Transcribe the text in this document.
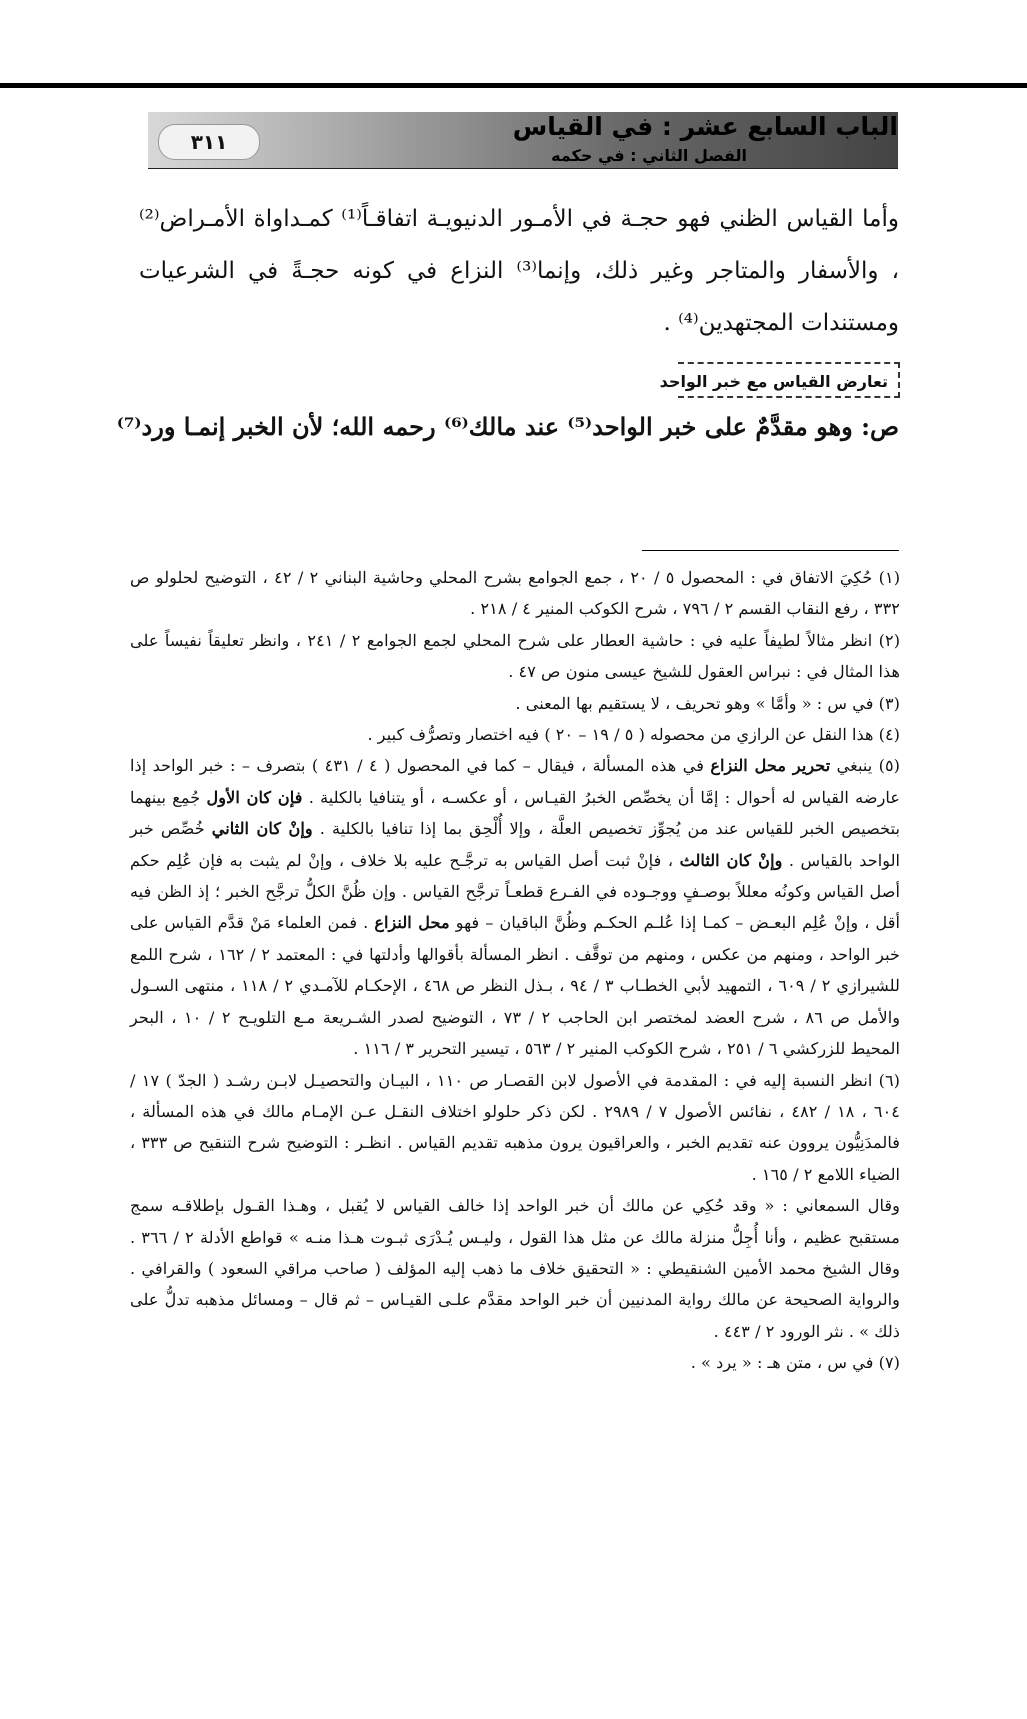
٣١١
الباب السابع عشر : في القياس
الفصل الثاني : في حكمه
وأما القياس الظني فهو حجـة في الأمـور الدنيويـة اتفاقـاً⁽¹⁾ كمـداواة الأمـراض⁽²⁾ ، والأسفار والمتاجر وغير ذلك، وإنما⁽³⁾ النزاع في كونه حجـةً في الشرعيات ومستندات المجتهدين⁽⁴⁾ .
تعارض القياس مع خبر الواحد
ص: وهو مقدَّمٌ على خبر الواحد⁽⁵⁾ عند مالك⁽⁶⁾ رحمه الله؛ لأن الخبر إنمـا ورد⁽⁷⁾

(١) حُكِيَ الاتفاق في : المحصول ٥ / ٢٠ ، جمع الجوامع بشرح المحلي وحاشية البناني ٢ / ٤٢ ، التوضيح لحلولو ص ٣٣٢ ، رفع النقاب القسم ٢ / ٧٩٦ ، شرح الكوكب المنير ٤ / ٢١٨ .

(٢) انظر مثالاً لطيفاً عليه في : حاشية العطار على شرح المحلي لجمع الجوامع ٢ / ٢٤١ ، وانظر تعليقاً نفيساً على هذا المثال في : نبراس العقول للشيخ عيسى منون ص ٤٧ .

(٣) في س : « وأمَّا » وهو تحريف ، لا يستقيم بها المعنى .

(٤) هذا النقل عن الرازي من محصوله ( ٥ / ١٩ – ٢٠ ) فيه اختصار وتصرُّف كبير .

(٥) ينبغي تحرير محل النزاع في هذه المسألة ، فيقال – كما في المحصول ( ٤ / ٤٣١ ) بتصرف – : خبر الواحد إذا عارضه القياس له أحوال : إمَّا أن يخصِّص الخبرُ القيـاس ، أو عكسـه ، أو يتنافيا بالكلية . فإن كان الأول جُمِع بينهما بتخصيص الخبر للقياس عند من يُجوِّز تخصيص العلَّة ، وإلا أُلْحِق بما إذا تنافيا بالكلية . وإنْ كان الثاني خُصِّص خبر الواحد بالقياس . وإنْ كان الثالث ، فإنْ ثبت أصل القياس به ترجَّـح عليه بلا خلاف ، وإنْ لم يثبت به فإن عُلِم حكم أصل القياس وكونُه معللاً بوصـفٍ ووجـوده في الفـرع قطعـاً ترجَّح القياس . وإن ظُنَّ الكلُّ ترجَّح الخبر ؛ إذ الظن فيه أقل ، وإنْ عُلِم البعـض – كمـا إذا عُلـم الحكـم وظُنَّ الباقيان – فهو محل النزاع . فمن العلماء مَنْ قدَّم القياس على خبر الواحد ، ومنهم من عكس ، ومنهم من توقَّف . انظر المسألة بأقوالها وأدلتها في : المعتمد ٢ / ١٦٢ ، شرح اللمع للشيرازي ٢ / ٦٠٩ ، التمهيد لأبي الخطـاب ٣ / ٩٤ ، بـذل النظر ص ٤٦٨ ، الإحكـام للآمـدي ٢ / ١١٨ ، منتهى السـول والأمل ص ٨٦ ، شرح العضد لمختصر ابن الحاجب ٢ / ٧٣ ، التوضيح لصدر الشـريعة مـع التلويـح ٢ / ١٠ ، البحر المحيط للزركشي ٦ / ٢٥١ ، شرح الكوكب المنير ٢ / ٥٦٣ ، تيسير التحرير ٣ / ١١٦ .

(٦) انظر النسبة إليه في : المقدمة في الأصول لابن القصـار ص ١١٠ ، البيـان والتحصيـل لابـن رشـد ( الجدّ ) ١٧ / ٦٠٤ ، ١٨ / ٤٨٢ ، نفائس الأصول ٧ / ٢٩٨٩ . لكن ذكر حلولو اختلاف النقـل عـن الإمـام مالك في هذه المسألة ، فالمدَنِيُّون يروون عنه تقديم الخبر ، والعراقيون يرون مذهبه تقديم القياس . انظـر : التوضيح شرح التنقيح ص ٣٣٣ ، الضياء اللامع ٢ / ١٦٥ .

وقال السمعاني : « وقد حُكِي عن مالك أن خبر الواحد إذا خالف القياس لا يُقبل ، وهـذا القـول بإطلاقـه سمج مستقبح عظيم ، وأنا أُجِلُّ منزلة مالك عن مثل هذا القول ، وليـس يُـدْرَى ثبـوت هـذا منـه » قواطع الأدلة ٢ / ٣٦٦ . وقال الشيخ محمد الأمين الشنقيطي : « التحقيق خلاف ما ذهب إليه المؤلف ( صاحب مراقي السعود ) والقرافي . والرواية الصحيحة عن مالك رواية المدنيين أن خبر الواحد مقدَّم علـى القيـاس – ثم قال – ومسائل مذهبه تدلُّ على ذلك » . نثر الورود ٢ / ٤٤٣ .

(٧) في س ، متن هـ : « يرد » .
